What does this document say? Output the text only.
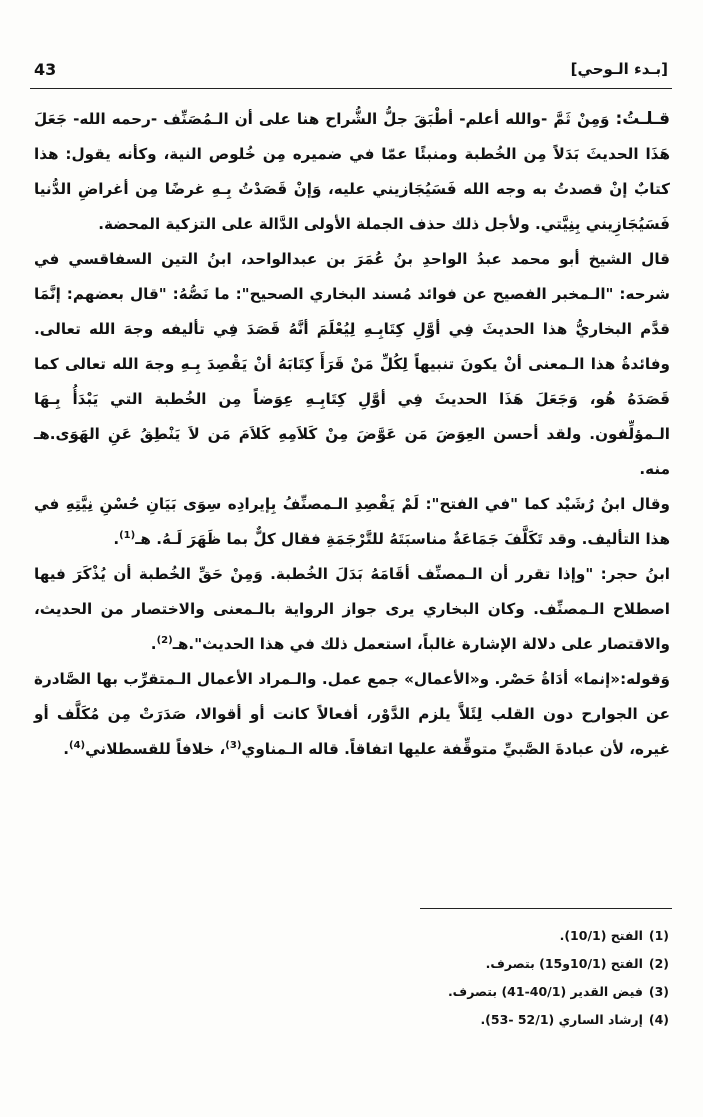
43	[بـدء الـوحي]

قـلـتُ: وَمِنْ ثَمَّ -والله أعلم- أطْبَقَ جلُّ الشُّراح هنا على أن الـمُصَنِّف -رحمه الله- جَعَلَ هَذَا الحديثَ بَدَلاً مِن الخُطبة ومنبئًا عمّا في ضميره مِن خُلوص النية، وكأنه يقول: هذا كتابٌ إنْ قصدتُ به وجه الله فَسَيُجَازيني عليه، وَإنْ قَصَدْتُ بِـهِ غرضًا مِن أغراضِ الدُّنيا فَسَيُجَازِيني بِنِيَّتي. ولأجل ذلك حذف الجملة الأولى الدَّالة على التزكية المحضة.

قال الشيخ أبو محمد عبدُ الواحدِ بنُ عُمَرَ بن عبدالواحد، ابنُ التين السفاقسي في شرحه: "الـمخبر الفصيح عن فوائد مُسند البخاري الصحيح": ما نَصُّهُ: "قال بعضهم: إنَّمَا قدَّم البخاريُّ هذا الحديثَ فِي أوَّلِ كِتَابِـهِ لِيُعْلَمَ أنَّهُ قَصَدَ فِي تأليفه وجهَ الله تعالى. وفائدةُ هذا الـمعنى أنْ يكونَ تنبيهاً لِكُلِّ مَنْ قَرَأَ كِتَابَهُ أنْ يَقْصِدَ بِـهِ وجهَ الله تعالى كما قَصَدَهُ هُو، وَجَعَلَ هَذَا الحديثَ فِي أوَّلِ كِتَابِـهِ عِوَضاً مِن الخُطبة التي يَبْدَأُ بِـهَا الـمؤلِّفون. ولقد أحسن العِوَضَ مَن عَوَّضَ مِنْ كَلاَمِهِ كَلاَمَ مَن لاَ يَنْطِقُ عَنِ الهَوَى.هـ منه.

وقال ابنُ رُشَيْد كما "في الفتح": لَمْ يَقْصِدِ الـمصنِّفُ بِإيرادِه سِوَى بَيَانِ حُسْنِ نِيَّتِهِ في هذا التأليف. وقد تَكَلَّفَ جَمَاعَةٌ مناسبَتَهُ للتَّرْجَمَةِ فقال كلٌّ بما ظَهَرَ لَـهُ. هـ$^{(1)}$.

ابنُ حجر: "وإذا تقرر أن الـمصنِّف أقَامَهُ بَدَلَ الخُطبة. وَمِنْ حَقِّ الخُطبة أن يُذْكَرَ فيها اصطلاح الـمصنِّف. وكان البخاري يرى جواز الرواية بالـمعنى والاختصار من الحديث، والاقتصار على دلالة الإشارة غالباً، استعمل ذلك في هذا الحديث".هـ$^{(2)}$.

وَقوله:«إنما» أدَاةُ حَصْر. و«الأعمال» جمع عمل. والـمراد الأعمال الـمتقرِّب بها الصَّادرة عن الجوارح دون القلب لِئَلاَّ يلزم الدَّوْر، أفعالاً كانت أو أقوالا، صَدَرَتْ مِن مُكَلَّف أو غيره، لأن عبادةَ الصَّبيِّ متوقِّفة عليها اتفاقاً. قاله الـمناوي$^{(3)}$، خلافاً للقسطلاني$^{(4)}$.

(1)الفتح (10/1).
(2)الفتح (10/1و15) بتصرف.
(3)فيض القدير (40/1-41) بتصرف.
(4)إرشاد الساري (52/1 -53).
